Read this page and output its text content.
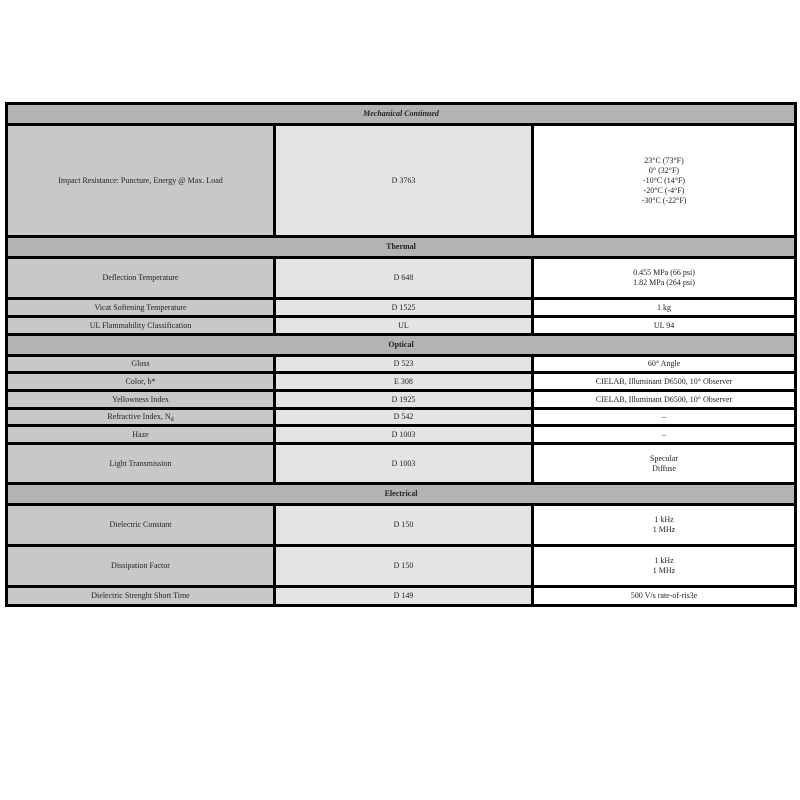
Mechanical Continued		
Impact Resistance: Puncture, Energy @ Max. Load	D 3763	23°C (73°F)
0° (32°F)
-10°C (14°F)
-20°C (-4°F)
-30°C (-22°F)

Thermal		
Deflection Temperature	D 648	0.455 MPa (66 psi)
1.82 MPa (264 psi)

Vicat Softening Temperature	D 1525	1 kg
UL Flammability Classification	UL	UL 94
Optical		
Gloss	D 523	60° Angle
Color, b*	E 308	CIELAB, Illuminant D6500, 10° Observer
Yellowness Index	D 1925	CIELAB, Illuminant D6500, 10° Observer
Refractive Index, $N_d$	D 542	–
Haze	D 1003	–
Light Transmission	D 1003	Specular
Diffuse

Electrical		
Dielectric Constant	D 150	1 kHz
1 MHz

Dissipation Factor	D 150	1 kHz
1 MHz

Dielectric Strenght Short Time	D 149	500 V/s rate-of-ris3e
